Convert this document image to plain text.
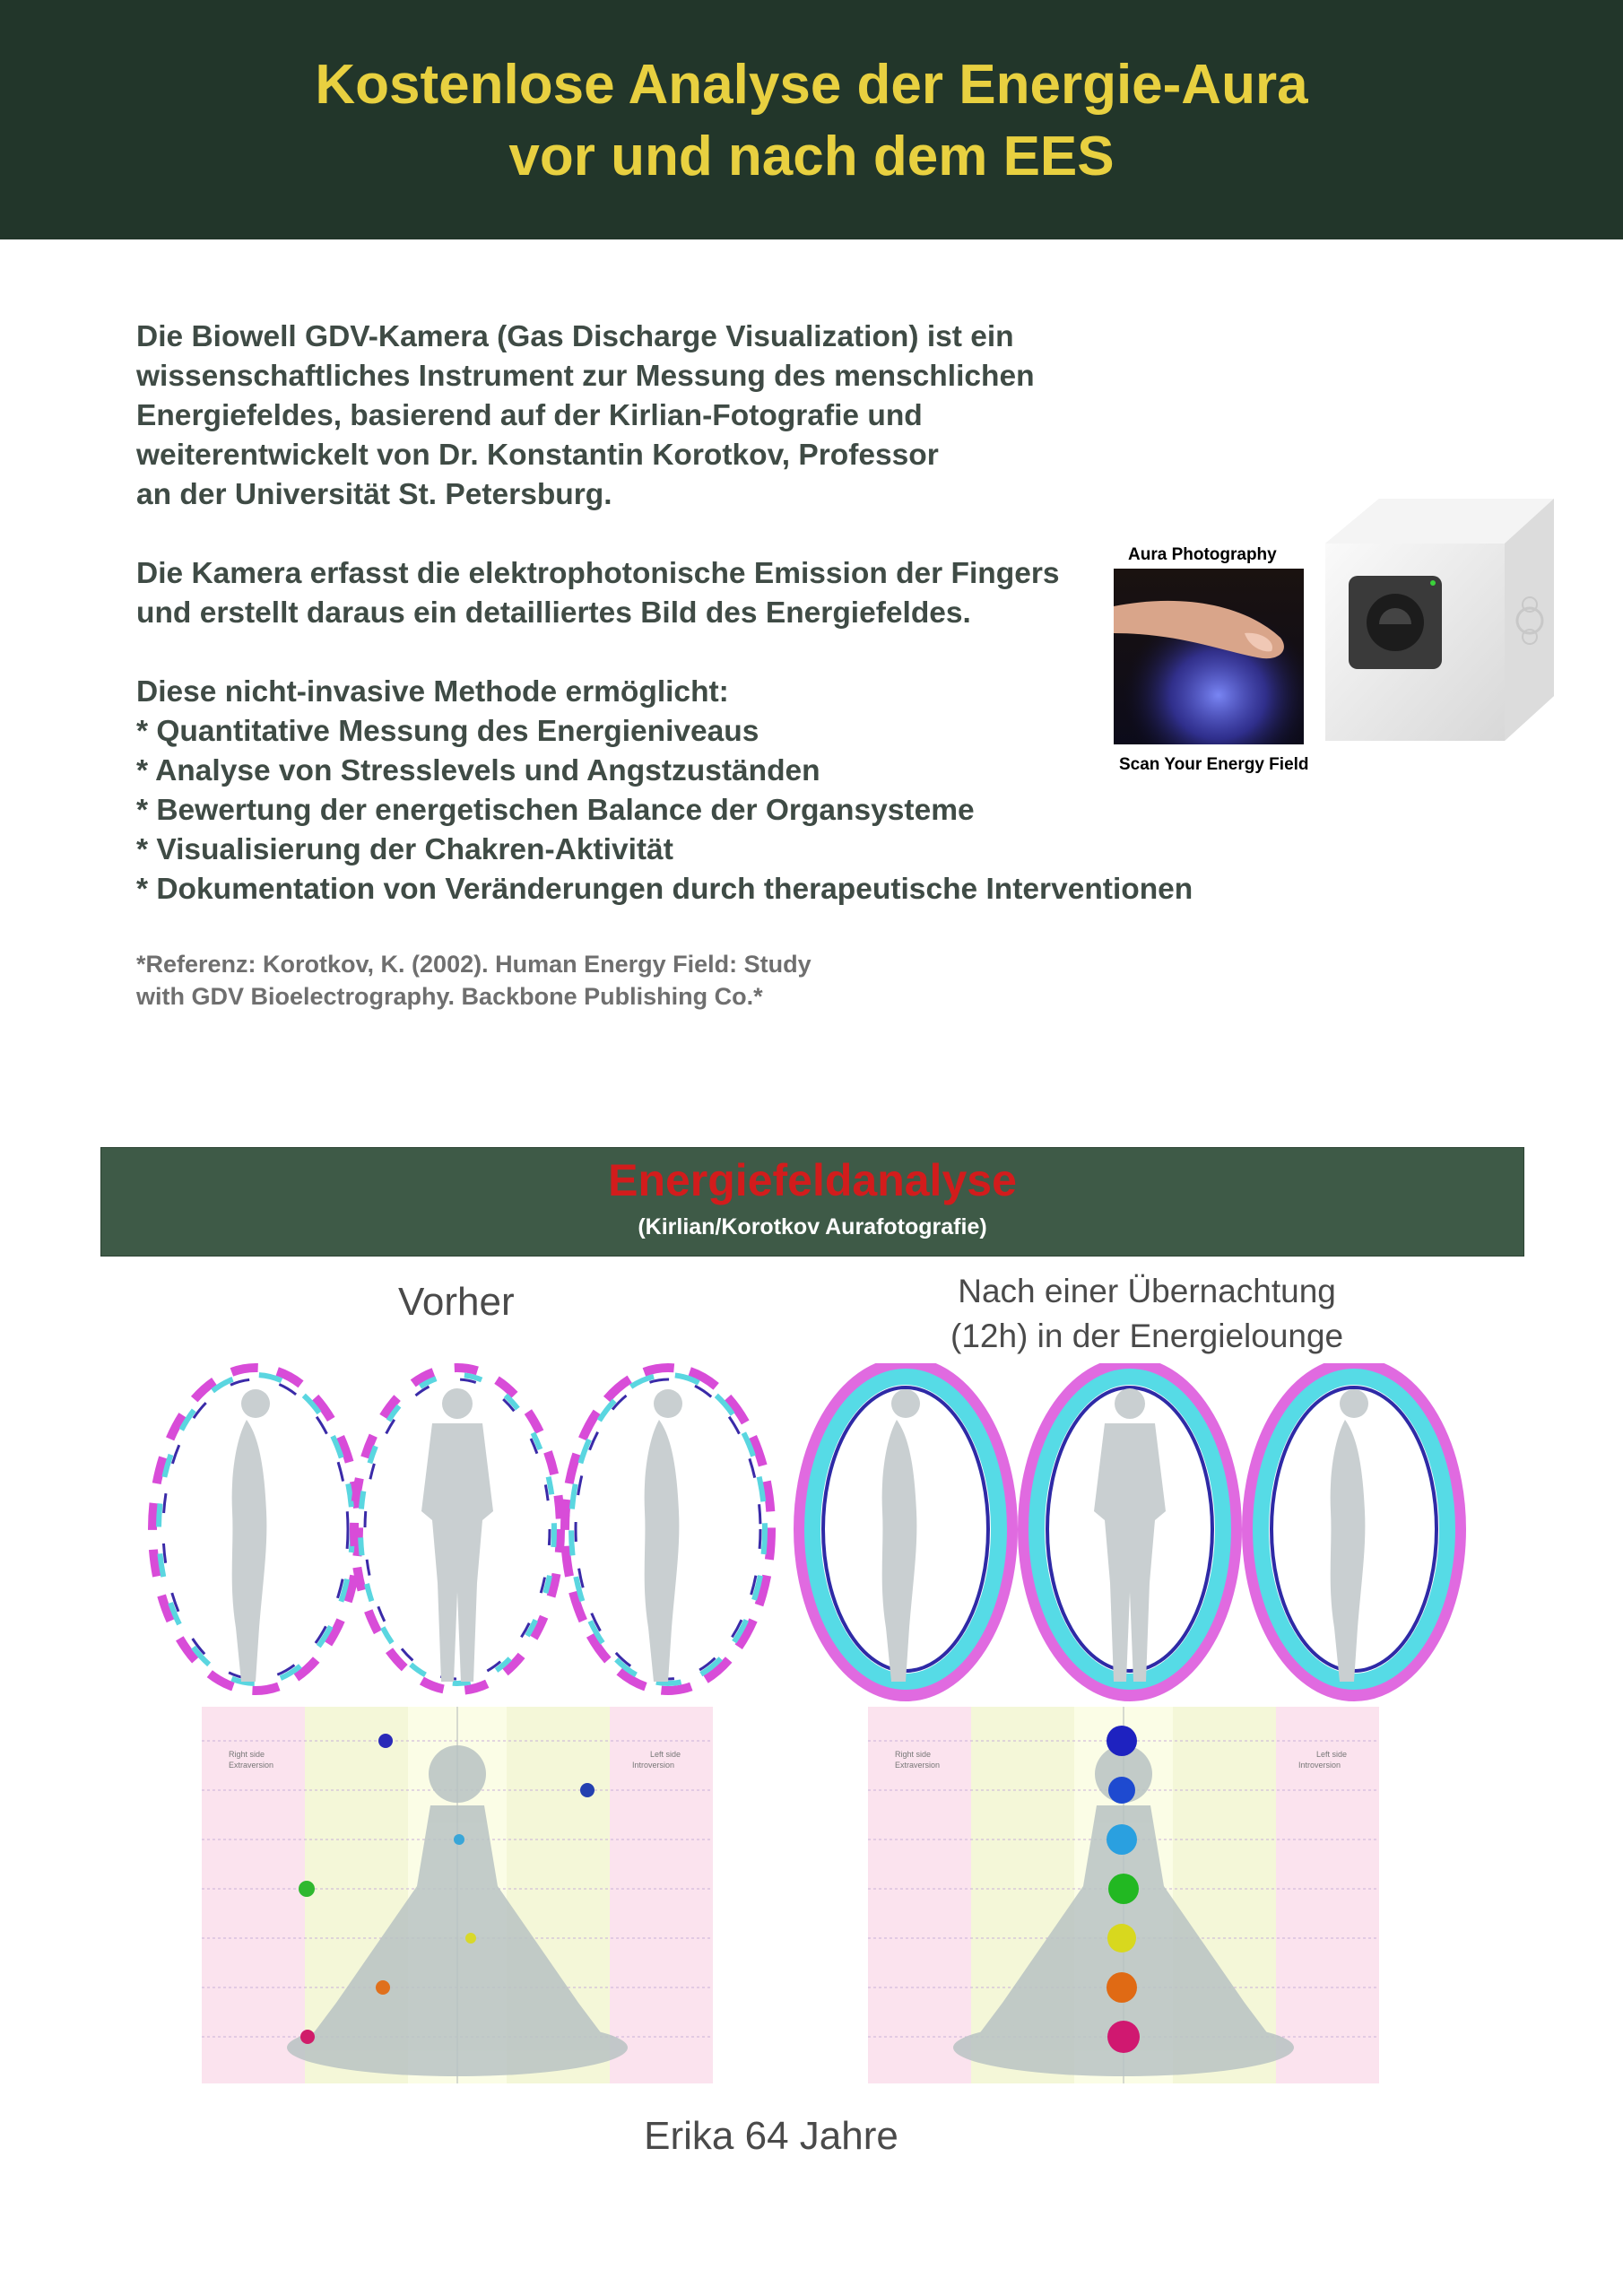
Kostenlose Analyse der Energie-Aura
vor und nach dem EES

Die Biowell GDV-Kamera (Gas Discharge Visualization) ist ein

wissenschaftliches Instrument zur Messung des menschlichen

Energiefeldes, basierend auf der Kirlian-Fotografie und

weiterentwickelt von Dr. Konstantin Korotkov, Professor

an der Universität St. Petersburg.

Die Kamera erfasst die elektrophotonische Emission der Fingers

und erstellt daraus ein detailliertes Bild des Energiefeldes.

Diese nicht-invasive Methode ermöglicht:

* Quantitative Messung des Energieniveaus

* Analyse von Stresslevels und Angstzuständen

* Bewertung der energetischen Balance der Organsysteme

* Visualisierung der Chakren-Aktivität

* Dokumentation von Veränderungen durch therapeutische Interventionen

*Referenz: Korotkov, K. (2002). Human Energy Field: Study

with GDV Bioelectrography. Backbone Publishing Co.*

Aura Photography
Scan Your Energy Field
Energiefeldanalyse
(Kirlian/Korotkov Aurafotografie)
Vorher	Nach einer Übernachtung

(12h) in der Energielounge

Right side
Extraversion
Left side
Introversion
Right side
Extraversion
Left side
Introversion
Erika 64 Jahre
